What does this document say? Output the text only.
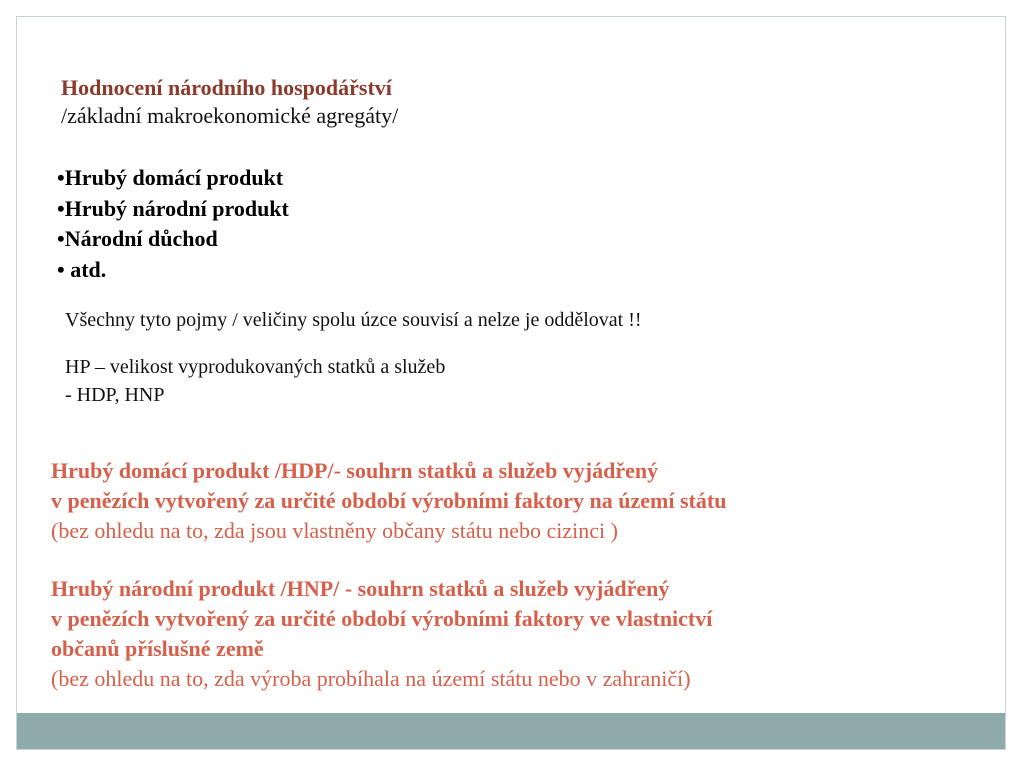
Hodnocení národního hospodářství
/základní makroekonomické agregáty/
•Hrubý domácí produkt
•Hrubý národní produkt
•Národní důchod
• atd.
Všechny tyto pojmy / veličiny spolu úzce souvisí a nelze je oddělovat !!
HP – velikost vyprodukovaných statků a služeb
- HDP, HNP
Hrubý domácí produkt /HDP/- souhrn statků a služeb vyjádřený
v penězích vytvořený za určité období výrobními faktory na území státu
(bez ohledu na to, zda jsou vlastněny občany státu nebo cizinci )
Hrubý národní produkt /HNP/ - souhrn statků a služeb vyjádřený
v penězích vytvořený za určité období výrobními faktory ve vlastnictví
občanů příslušné země
(bez ohledu na to, zda výroba probíhala na území státu nebo v zahraničí)
